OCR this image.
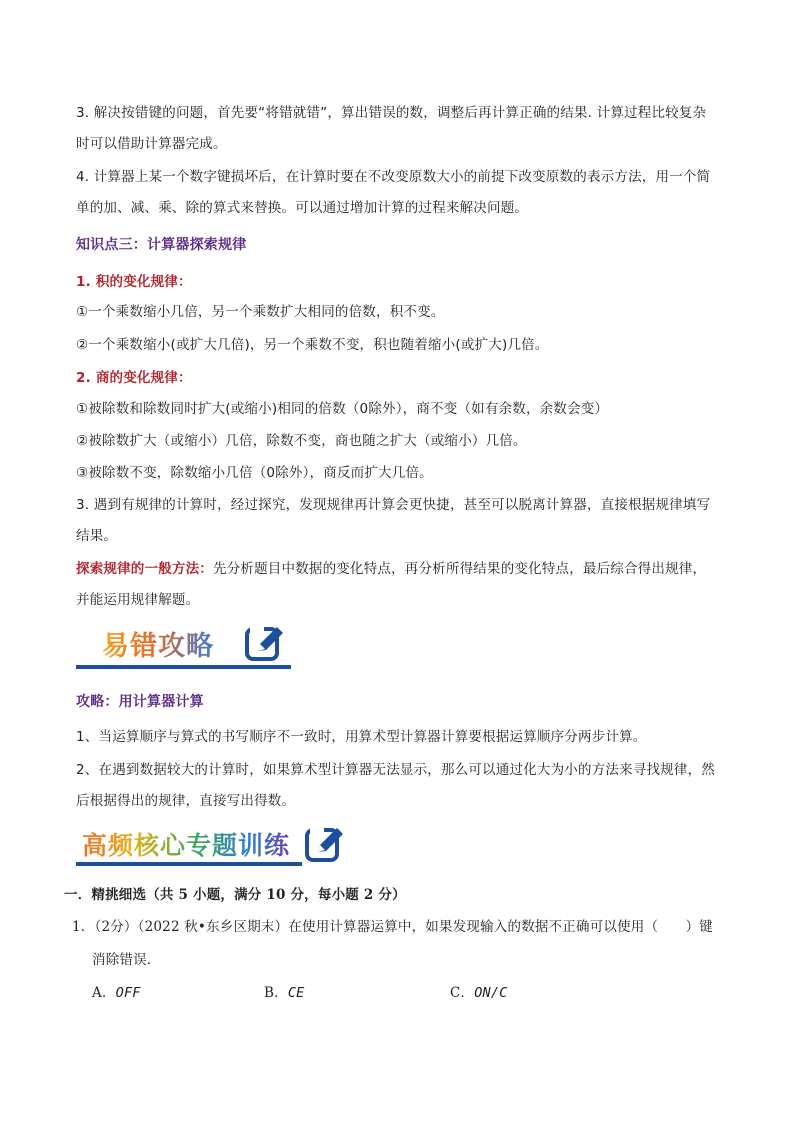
3. 解决按错键的问题，首先要“将错就错”，算出错误的数，调整后再计算正确的结果. 计算过程比较复杂
时可以借助计算器完成。
4. 计算器上某一个数字键损坏后，在计算时要在不改变原数大小的前提下改变原数的表示方法，用一个简
单的加、减、乘、除的算式来替换。可以通过增加计算的过程来解决问题。
知识点三：计算器探索规律
1. 积的变化规律：
①一个乘数缩小几倍，另一个乘数扩大相同的倍数，积不变。
②一个乘数缩小(或扩大几倍)，另一个乘数不变，积也随着缩小(或扩大)几倍。
2. 商的变化规律：
①被除数和除数同时扩大(或缩小)相同的倍数（0除外），商不变（如有余数，余数会变）
②被除数扩大（或缩小）几倍，除数不变，商也随之扩大（或缩小）几倍。
③被除数不变，除数缩小几倍（0除外），商反而扩大几倍。
3. 遇到有规律的计算时，经过探究，发现规律再计算会更快捷，甚至可以脱离计算器，直接根据规律填写
结果。
探索规律的一般方法：先分析题目中数据的变化特点，再分析所得结果的变化特点，最后综合得出规律，
并能运用规律解题。
易错攻略
攻略：用计算器计算
1、当运算顺序与算式的书写顺序不一致时，用算术型计算器计算要根据运算顺序分两步计算。
2、在遇到数据较大的计算时，如果算术型计算器无法显示，那么可以通过化大为小的方法来寻找规律，然
后根据得出的规律，直接写出得数。
高频核心专题训练
一．精挑细选（共 5 小题，满分 10 分，每小题 2 分）
1．（2分）（2022 秋•东乡区期末）在使用计算器运算中，如果发现输入的数据不正确可以使用（　　）键
消除错误．
A．OFF	B．CE	C．ON/C
